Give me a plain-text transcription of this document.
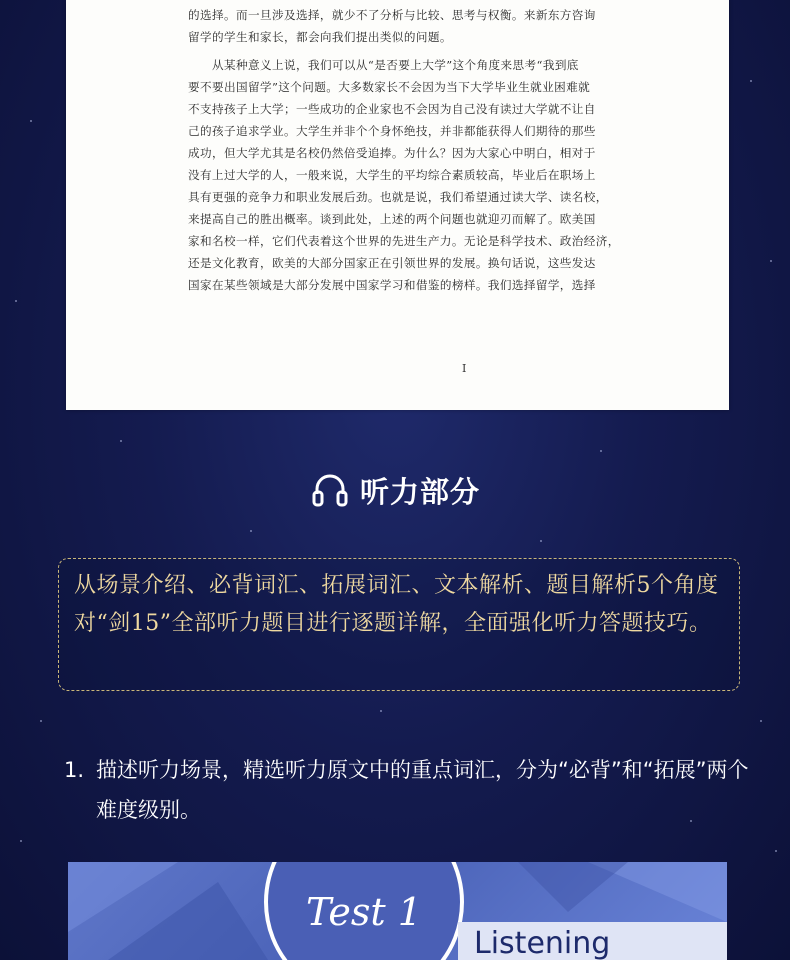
的选择。而一旦涉及选择，就少不了分析与比较、思考与权衡。来新东方咨询
留学的学生和家长，都会向我们提出类似的问题。

从某种意义上说，我们可以从“是否要上大学”这个角度来思考“我到底
要不要出国留学”这个问题。大多数家长不会因为当下大学毕业生就业困难就
不支持孩子上大学；一些成功的企业家也不会因为自己没有读过大学就不让自
己的孩子追求学业。大学生并非个个身怀绝技，并非都能获得人们期待的那些
成功，但大学尤其是名校仍然倍受追捧。为什么？因为大家心中明白，相对于
没有上过大学的人，一般来说，大学生的平均综合素质较高，毕业后在职场上
具有更强的竞争力和职业发展后劲。也就是说，我们希望通过读大学、读名校，
来提高自己的胜出概率。谈到此处，上述的两个问题也就迎刃而解了。欧美国
家和名校一样，它们代表着这个世界的先进生产力。无论是科学技术、政治经济，
还是文化教育，欧美的大部分国家正在引领世界的发展。换句话说，这些发达
国家在某些领域是大部分发展中国家学习和借鉴的榜样。我们选择留学，选择

I
听力部分

从场景介绍、必背词汇、拓展词汇、文本解析、题目解析5个角度对“剑15”全部听力题目进行逐题详解，全面强化听力答题技巧。

1. 描述听力场景，精选听力原文中的重点词汇，分为“必背”和“拓展”两个难度级别。
Test 1
Listening
